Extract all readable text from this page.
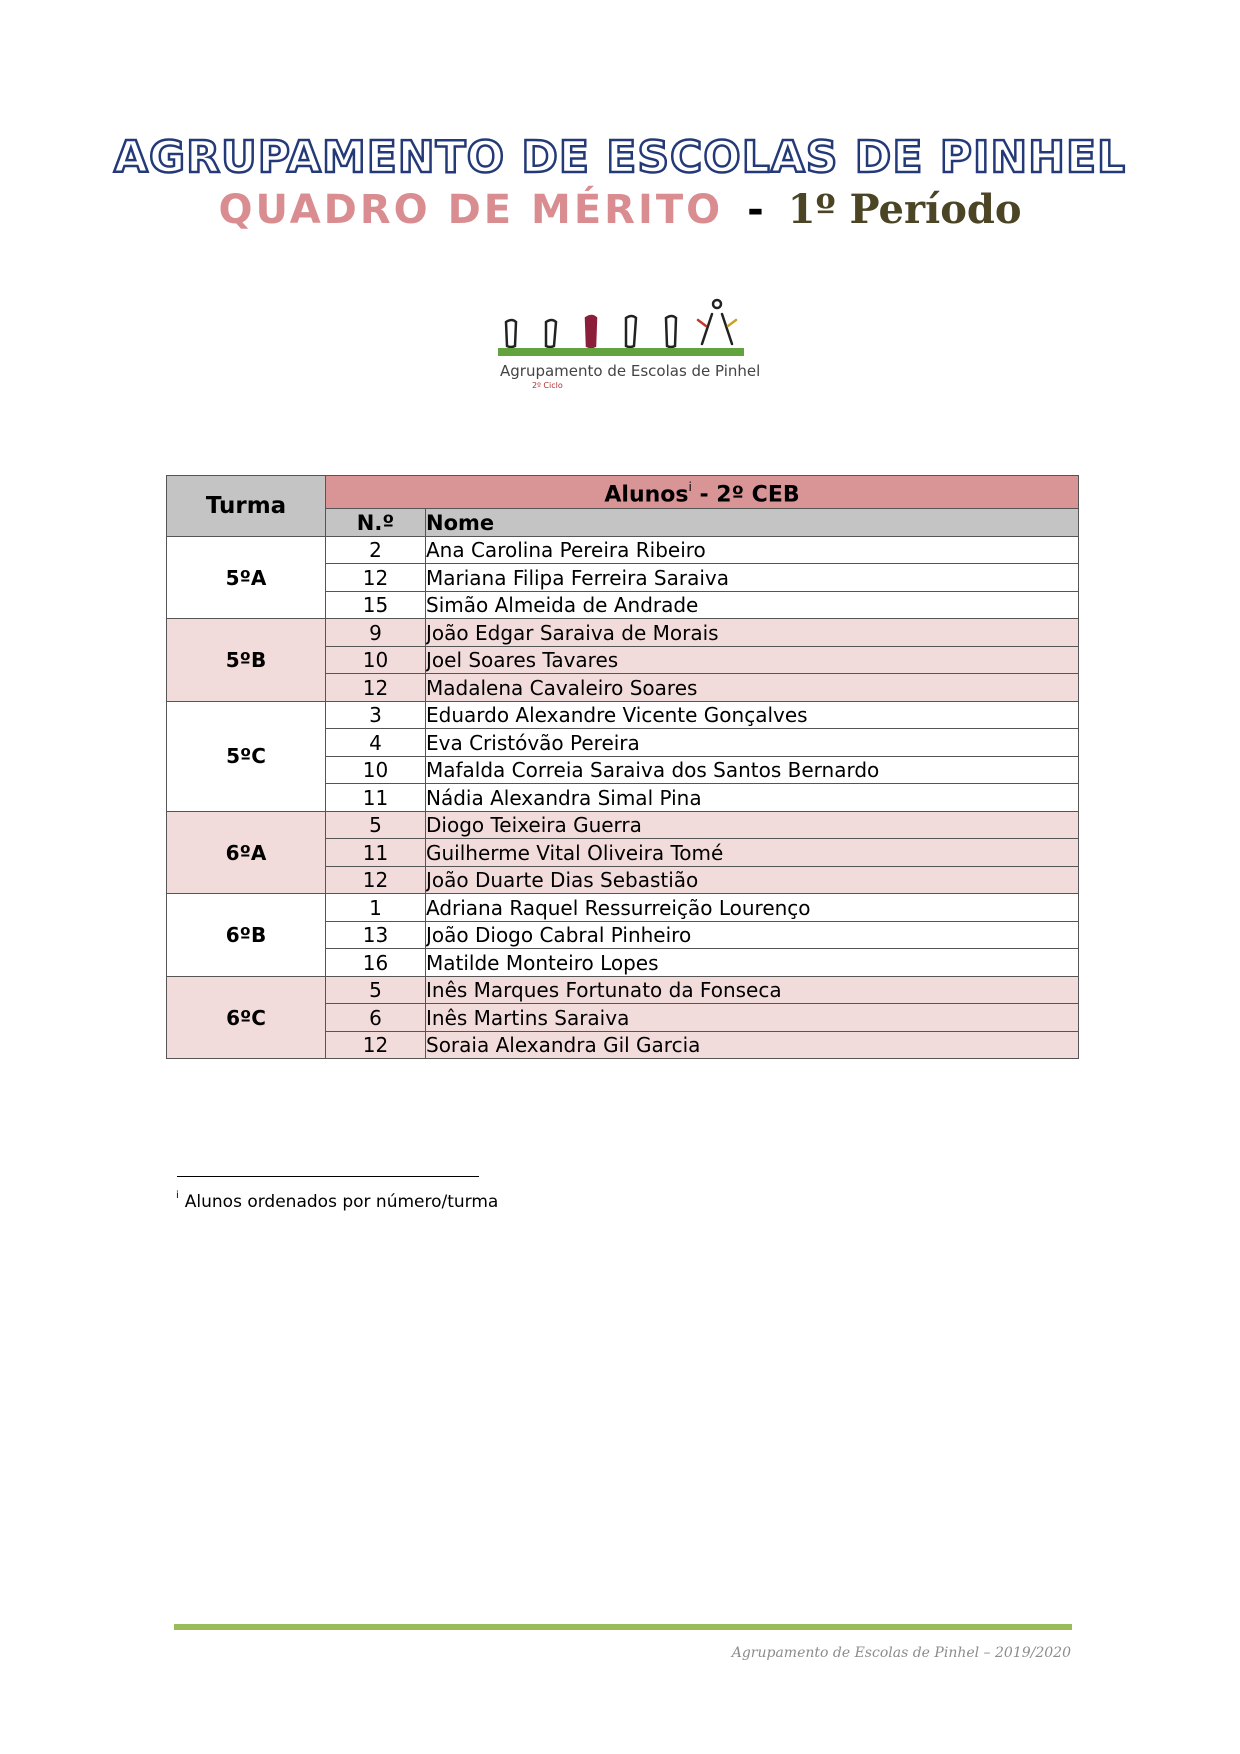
AGRUPAMENTO DE ESCOLAS DE PINHEL
QUADRO DE MÉRITO - 1º Período
Agrupamento de Escolas de Pinhel
2º Ciclo
Turma	Alunos$^i$ - 2º CEB	
	N.º	Nome
5ºA	2	Ana Carolina Pereira Ribeiro
	12	Mariana Filipa Ferreira Saraiva
	15	Simão Almeida de Andrade
5ºB	9	João Edgar Saraiva de Morais
	10	Joel Soares Tavares
	12	Madalena Cavaleiro Soares
5ºC	3	Eduardo Alexandre Vicente Gonçalves
	4	Eva Cristóvão Pereira
	10	Mafalda Correia Saraiva dos Santos Bernardo
	11	Nádia Alexandra Simal Pina
6ºA	5	Diogo Teixeira Guerra
	11	Guilherme Vital Oliveira Tomé
	12	João Duarte Dias Sebastião
6ºB	1	Adriana Raquel Ressurreição Lourenço
	13	João Diogo Cabral Pinheiro
	16	Matilde Monteiro Lopes
6ºC	5	Inês Marques Fortunato da Fonseca
	6	Inês Martins Saraiva
	12	Soraia Alexandra Gil Garcia
$^i$ Alunos ordenados por número/turma
Agrupamento de Escolas de Pinhel – 2019/2020
